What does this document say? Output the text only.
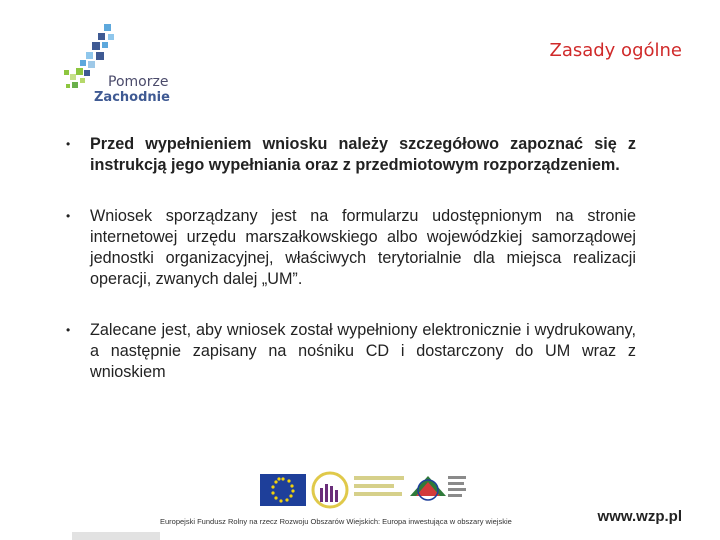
Pomorze
Zachodnie
Zasady ogólne
•	Przed wypełnieniem wniosku należy szczegółowo zapoznać się z instrukcją jego wypełniania oraz z przedmiotowym rozporządzeniem.
•	Wniosek sporządzany jest na formularzu udostępnionym na stronie internetowej urzędu marszałkowskiego albo wojewódzkiej samorządowej jednostki organizacyjnej, właściwych terytorialnie dla miejsca realizacji operacji, zwanych dalej „UM”.
•	Zalecane jest, aby wniosek został wypełniony elektronicznie i wydrukowany, a następnie zapisany na nośniku CD i dostarczony do UM wraz z wnioskiem
Europejski Fundusz Rolny na rzecz Rozwoju Obszarów Wiejskich: Europa inwestująca w obszary wiejskie	www.wzp.pl
